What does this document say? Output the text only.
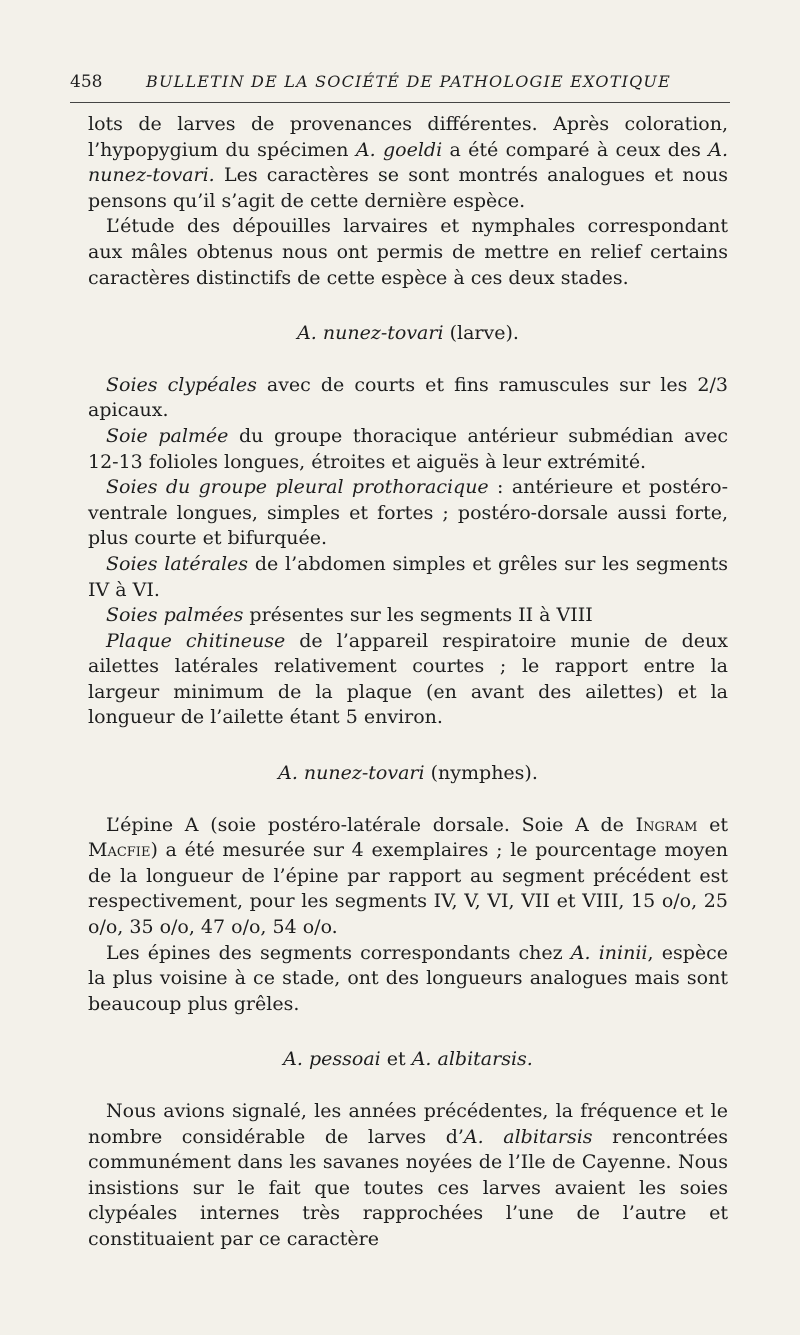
458	BULLETIN DE LA SOCIÉTÉ DE PATHOLOGIE EXOTIQUE

lots de larves de provenances différentes. Après coloration, l’hypopygium du spécimen A. goeldi a été comparé à ceux des A. nunez-tovari. Les caractères se sont montrés analogues et nous pensons qu’il s’agit de cette dernière espèce.

L’étude des dépouilles larvaires et nymphales correspondant aux mâles obtenus nous ont permis de mettre en relief certains caractères distinctifs de cette espèce à ces deux stades.

A. nunez-tovari (larve).

Soies clypéales avec de courts et fins ramuscules sur les 2/3 apicaux.

Soie palmée du groupe thoracique antérieur submédian avec 12-13 folioles longues, étroites et aiguës à leur extrémité.

Soies du groupe pleural prothoracique : antérieure et postéro-ventrale longues, simples et fortes ; postéro-dorsale aussi forte, plus courte et bifurquée.

Soies latérales de l’abdomen simples et grêles sur les segments IV à VI.

Soies palmées présentes sur les segments II à VIII

Plaque chitineuse de l’appareil respiratoire munie de deux ailettes latérales relativement courtes ; le rapport entre la largeur minimum de la plaque (en avant des ailettes) et la longueur de l’ailette étant 5 environ.

A. nunez-tovari (nymphes).

L’épine A (soie postéro-latérale dorsale. Soie A de Ingram et Macfie) a été mesurée sur 4 exemplaires ; le pourcentage moyen de la longueur de l’épine par rapport au segment précédent est respectivement, pour les segments IV, V, VI, VII et VIII, 15 o/o, 25 o/o, 35 o/o, 47 o/o, 54 o/o.

Les épines des segments correspondants chez A. ininii, espèce la plus voisine à ce stade, ont des longueurs analogues mais sont beaucoup plus grêles.

A. pessoai et A. albitarsis.

Nous avions signalé, les années précédentes, la fréquence et le nombre considérable de larves d’A. albitarsis rencontrées communément dans les savanes noyées de l’Ile de Cayenne. Nous insistions sur le fait que toutes ces larves avaient les soies clypéales internes très rapprochées l’une de l’autre et constituaient par ce caractère
